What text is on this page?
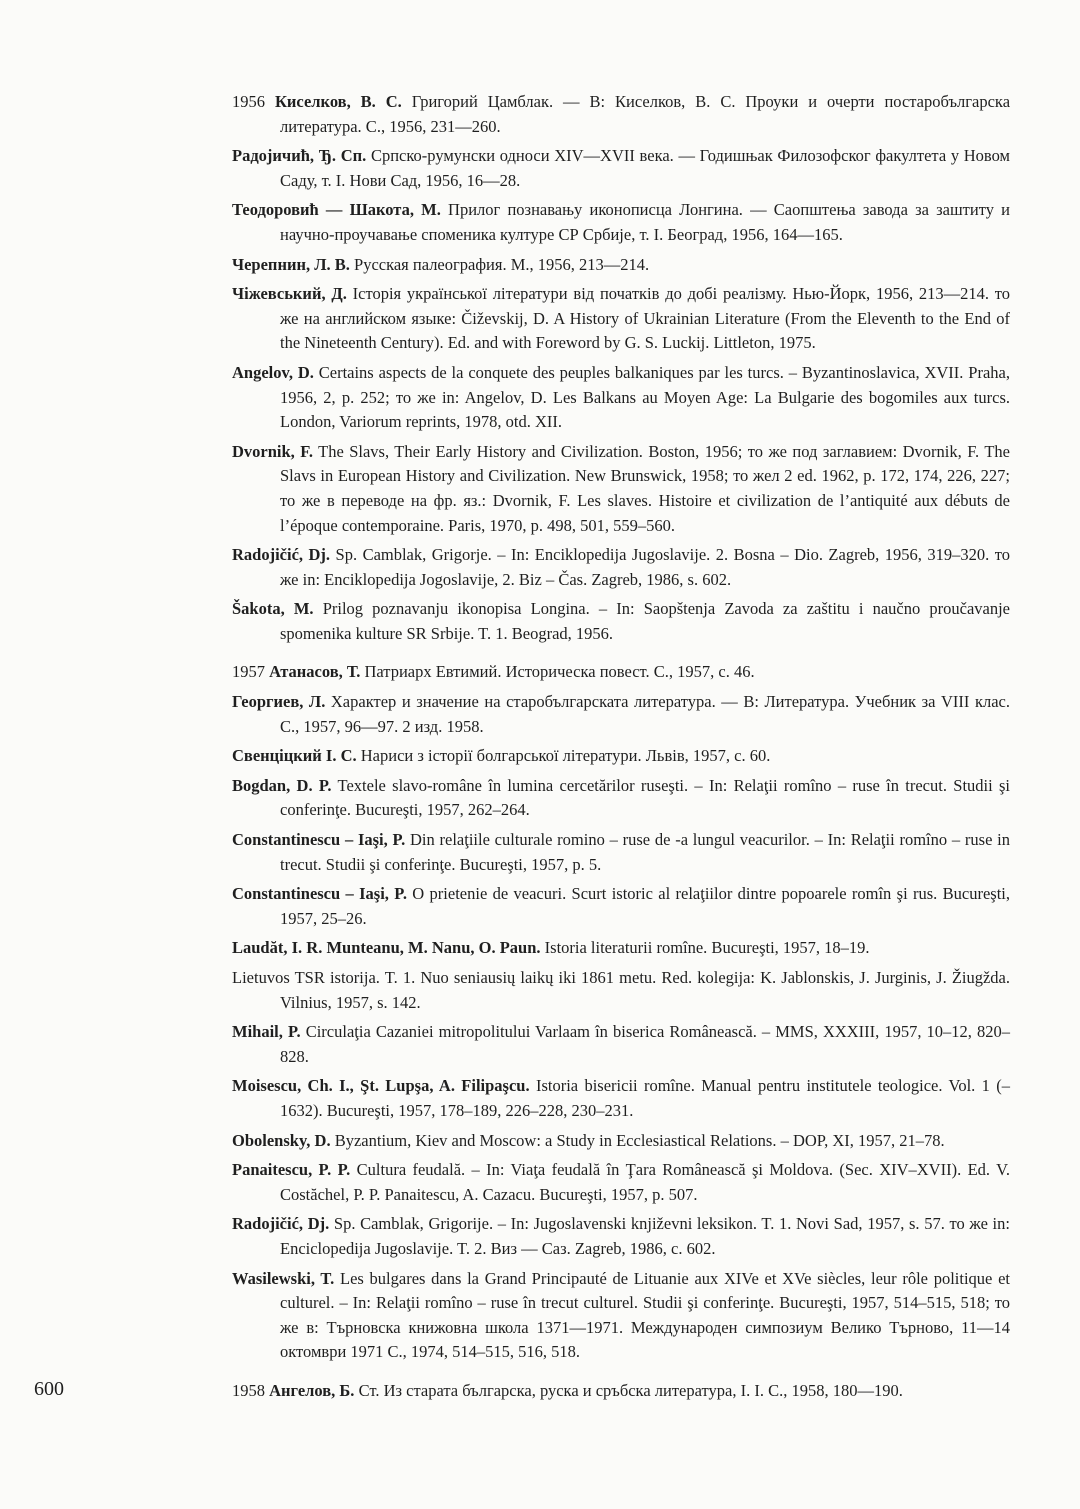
1956 Киселков, В. С. Григорий Цамблак. — В: Киселков, В. С. Проуки и очерти постаробългарска литература. С., 1956, 231—260.

Радојичић, Ђ. Сп. Српско-румунски односи XIV—XVII века. — Годишњак Филозофског факултета у Новом Саду, т. I. Нови Сад, 1956, 16—28.

Теодоровић — Шакота, М. Прилог познавању иконописца Лонгина. — Саопштења завода за заштиту и научно-проучавање споменика културе СР Србије, т. I. Београд, 1956, 164—165.

Черепнин, Л. В. Русская палеография. М., 1956, 213—214.

Чіжевський, Д. Історія української літератури від початків до добі реалізму. Нью-Йорк, 1956, 213—214. то же на английском языке: Čiževskij, D. A History of Ukrainian Literature (From the Eleventh to the End of the Nineteenth Century). Ed. and with Foreword by G. S. Luckij. Littleton, 1975.

Angelov, D. Certains aspects de la conquete des peuples balkaniques par les turcs. – Byzantinoslavica, XVII. Praha, 1956, 2, p. 252; то же in: Angelov, D. Les Balkans au Moyen Age: La Bulgarie des bogomiles aux turcs. London, Variorum reprints, 1978, otd. XII.

Dvornik, F. The Slavs, Their Early History and Civilization. Boston, 1956; то же под заглавием: Dvornik, F. The Slavs in European History and Civilization. New Brunswick, 1958; то жел 2 ed. 1962, p. 172, 174, 226, 227; то же в переводе на фр. яз.: Dvornik, F. Les slaves. Histoire et civilization de l’antiquité aux débuts de l’époque contemporaine. Paris, 1970, p. 498, 501, 559–560.

Radojičić, Dj. Sp. Camblak, Grigorje. – In: Enciklopedija Jugoslavije. 2. Bosna – Dio. Zagreb, 1956, 319–320. то же in: Enciklopedija Jogoslavije, 2. Biz – Čas. Zagreb, 1986, s. 602.

Šakota, M. Prilog poznavanju ikonopisa Longina. – In: Saopštenja Zavoda za zaštitu i naučno proučavanje spomenika kulture SR Srbije. T. 1. Beograd, 1956.

1957 Атанасов, Т. Патриарх Евтимий. Историческа повест. С., 1957, с. 46.

Георгиев, Л. Характер и значение на старобългарската литература. — В: Литература. Учебник за VIII клас. С., 1957, 96—97. 2 изд. 1958.

Свенціцкий І. С. Нариси з історії болгарської літератури. Львів, 1957, с. 60.

Bogdan, D. P. Textele slavo-române în lumina cercetărilor ruseşti. – In: Relaţii romîno – ruse în trecut. Studii şi conferinţe. Bucureşti, 1957, 262–264.

Constantinescu – Iaşi, P. Din relaţiile culturale romino – ruse de -a lungul veacurilor. – In: Relaţii romîno – ruse in trecut. Studii şi conferinţe. Bucureşti, 1957, p. 5.

Constantinescu – Iaşi, P. O prietenie de veacuri. Scurt istoric al relaţiilor dintre popoarele romîn şi rus. Bucureşti, 1957, 25–26.

Laudăt, I. R. Munteanu, M. Nanu, O. Paun. Istoria literaturii romîne. Bucureşti, 1957, 18–19.

Lietuvos TSR istorija. T. 1. Nuo seniausių laikų iki 1861 metu. Red. kolegija: K. Jablonskis, J. Jurginis, J. Žiugžda. Vilnius, 1957, s. 142.

Mihail, P. Circulaţia Cazaniei mitropolitului Varlaam în biserica Românească. – MMS, XXXIII, 1957, 10–12, 820–828.

Moisescu, Ch. I., Şt. Lupşa, A. Filipaşcu. Istoria bisericii romîne. Manual pentru institutele teologice. Vol. 1 (– 1632). Bucureşti, 1957, 178–189, 226–228, 230–231.

Obolensky, D. Byzantium, Kiev and Moscow: a Study in Ecclesiastical Relations. – DOP, XI, 1957, 21–78.

Panaitescu, P. P. Cultura feudală. – In: Viaţa feudală în Ţara Românească şi Moldova. (Sec. XIV–XVII). Ed. V. Costăchel, P. P. Panaitescu, A. Cazacu. Bucureşti, 1957, p. 507.

Radojičić, Dj. Sp. Camblak, Grigorije. – In: Jugoslavenski književni leksikon. T. 1. Novi Sad, 1957, s. 57. то же in: Enciclopedija Jugoslavije. T. 2. Виз — Саз. Zagreb, 1986, с. 602.

Wasilewski, T. Les bulgares dans la Grand Principauté de Lituanie aux XIVe et XVe siècles, leur rôle politique et culturel. – In: Relaţii romîno – ruse în trecut culturel. Studii şi conferinţe. Bucureşti, 1957, 514–515, 518; то же в: Търновска книжовна школа 1371—1971. Международен симпозиум Велико Търново, 11—14 октомври 1971 С., 1974, 514–515, 516, 518.

1958 Ангелов, Б. Ст. Из старата българска, руска и сръбска литература, I. I. С., 1958, 180—190.

600
